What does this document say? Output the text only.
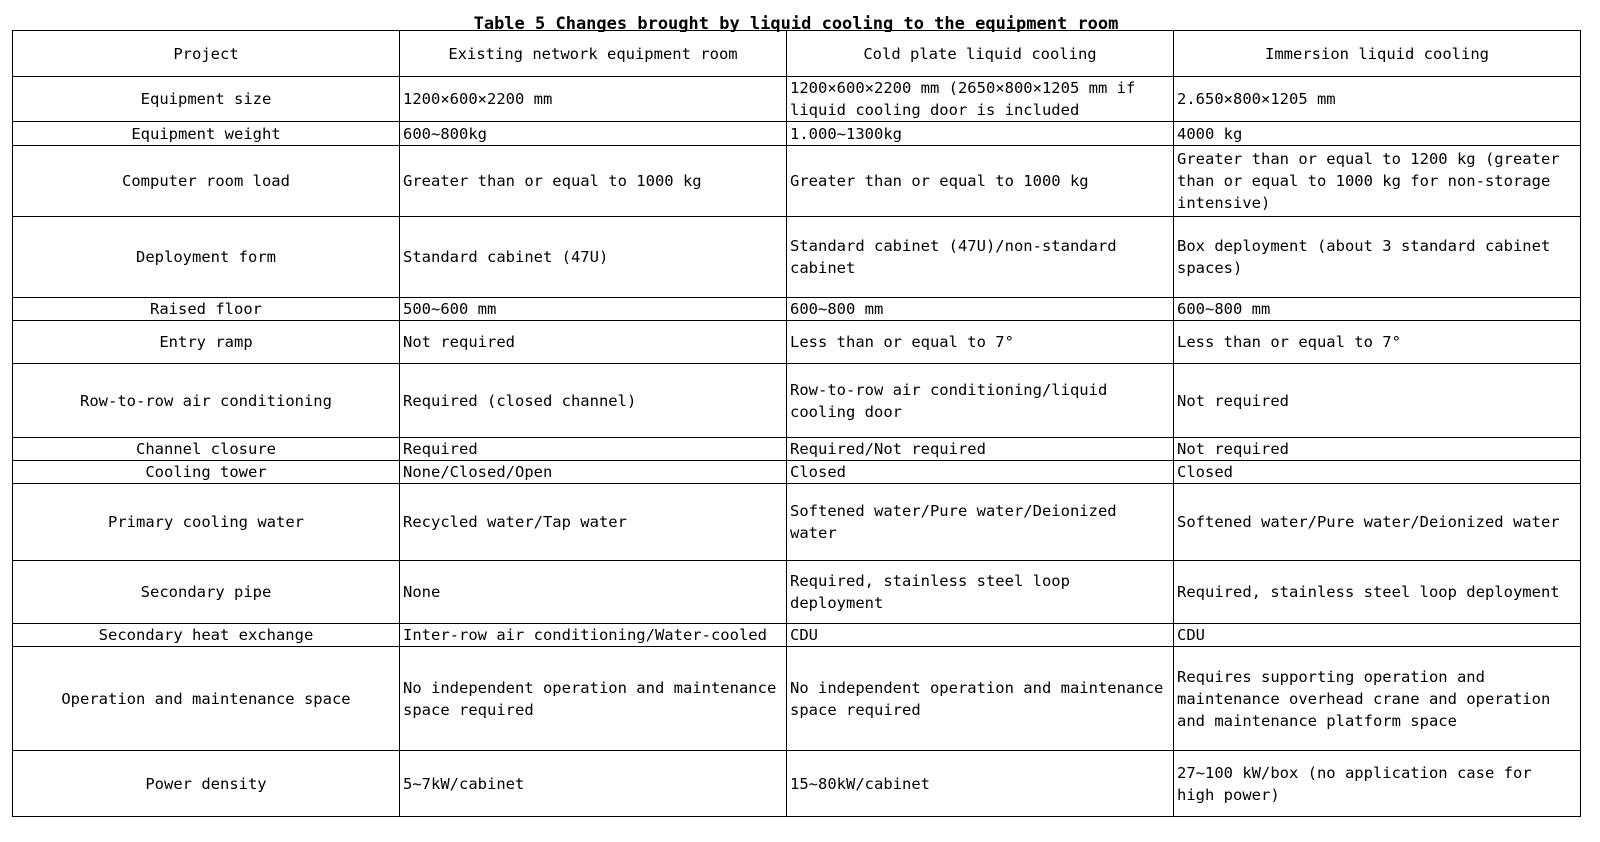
Table 5 Changes brought by liquid cooling to the equipment room
Project	Existing network equipment room	Cold plate liquid cooling	Immersion liquid cooling
Equipment size	1200×600×2200 mm	1200×600×2200 mm (2650×800×1205 mm if liquid cooling door is included	2.650×800×1205 mm
Equipment weight	600~800kg	1.000~1300kg	4000 kg
Computer room load	Greater than or equal to 1000 kg	Greater than or equal to 1000 kg	Greater than or equal to 1200 kg (greater than or equal to 1000 kg for non-storage intensive)
Deployment form	Standard cabinet (47U)	Standard cabinet (47U)/non-standard cabinet	Box deployment (about 3 standard cabinet spaces)
Raised floor	500~600 mm	600~800 mm	600~800 mm
Entry ramp	Not required	Less than or equal to 7°	Less than or equal to 7°
Row-to-row air conditioning	Required (closed channel)	Row-to-row air conditioning/liquid cooling door	Not required
Channel closure	Required	Required/Not required	Not required
Cooling tower	None/Closed/Open	Closed	Closed
Primary cooling water	Recycled water/Tap water	Softened water/Pure water/Deionized water	Softened water/Pure water/Deionized water
Secondary pipe	None	Required, stainless steel loop deployment	Required, stainless steel loop deployment
Secondary heat exchange	Inter-row air conditioning/Water-cooled	CDU	CDU
Operation and maintenance space	No independent operation and maintenance space required	No independent operation and maintenance space required	Requires supporting operation and maintenance overhead crane and operation and maintenance platform space
Power density	5~7kW/cabinet	15~80kW/cabinet	27~100 kW/box (no application case for high power)
